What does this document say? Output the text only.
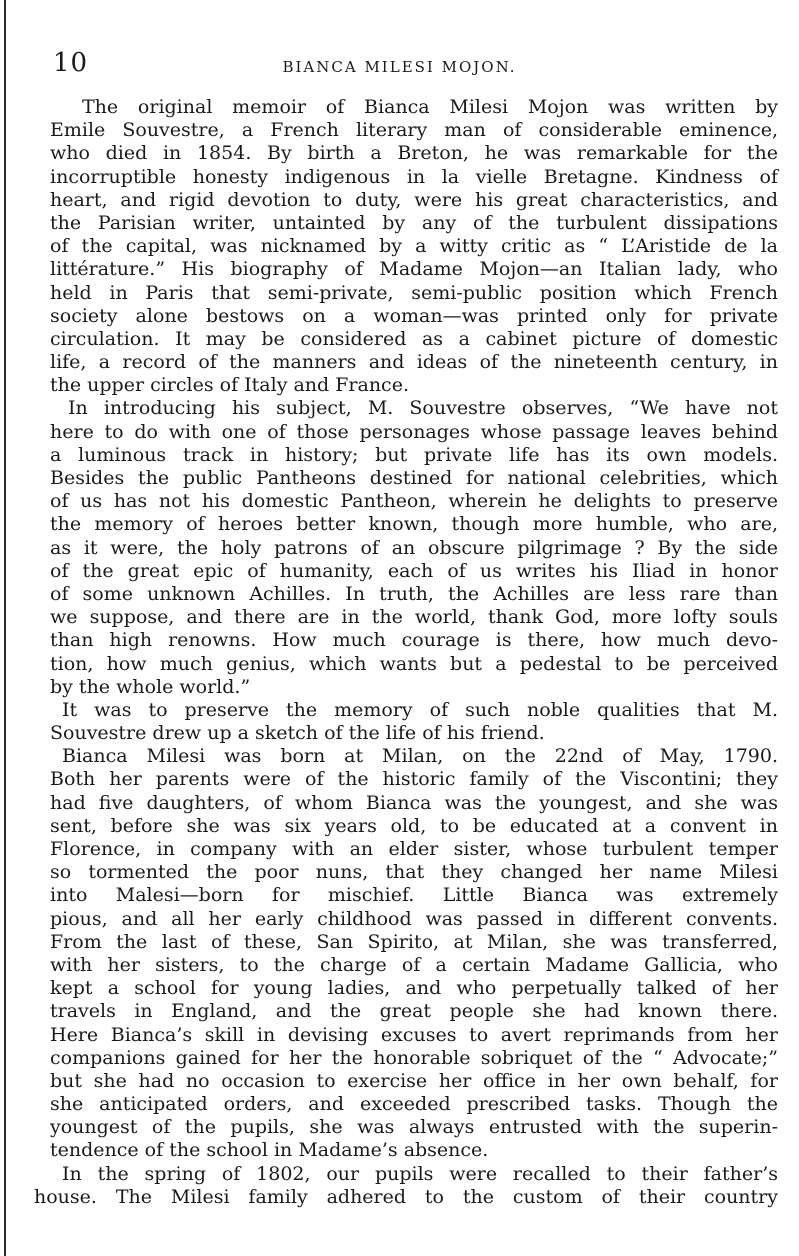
10	BIANCA MILESI MOJON.
The original memoir of Bianca Milesi Mojon was written by
Emile Souvestre, a French literary man of considerable eminence,
who died in 1854. By birth a Breton, he was remarkable for the
incorruptible honesty indigenous in la vielle Bretagne. Kindness of
heart, and rigid devotion to duty, were his great characteristics, and
the Parisian writer, untainted by any of the turbulent dissipations
of the capital, was nicknamed by a witty critic as “ L’Aristide de la
littérature.” His biography of Madame Mojon—an Italian lady, who
held in Paris that semi-private, semi-public position which French
society alone bestows on a woman—was printed only for private
circulation. It may be considered as a cabinet picture of domestic
life, a record of the manners and ideas of the nineteenth century, in
the upper circles of Italy and France.
In introducing his subject, M. Souvestre observes, “We have not
here to do with one of those personages whose passage leaves behind
a luminous track in history; but private life has its own models.
Besides the public Pantheons destined for national celebrities, which
of us has not his domestic Pantheon, wherein he delights to preserve
the memory of heroes better known, though more humble, who are,
as it were, the holy patrons of an obscure pilgrimage ? By the side
of the great epic of humanity, each of us writes his Iliad in honor
of some unknown Achilles. In truth, the Achilles are less rare than
we suppose, and there are in the world, thank God, more lofty souls
than high renowns. How much courage is there, how much devo-
tion, how much genius, which wants but a pedestal to be perceived
by the whole world.”
It was to preserve the memory of such noble qualities that M.
Souvestre drew up a sketch of the life of his friend.
Bianca Milesi was born at Milan, on the 22nd of May, 1790.
Both her parents were of the historic family of the Viscontini; they
had five daughters, of whom Bianca was the youngest, and she was
sent, before she was six years old, to be educated at a convent in
Florence, in company with an elder sister, whose turbulent temper
so tormented the poor nuns, that they changed her name Milesi
into Malesi—born for mischief. Little Bianca was extremely
pious, and all her early childhood was passed in different convents.
From the last of these, San Spirito, at Milan, she was transferred,
with her sisters, to the charge of a certain Madame Gallicia, who
kept a school for young ladies, and who perpetually talked of her
travels in England, and the great people she had known there.
Here Bianca’s skill in devising excuses to avert reprimands from her
companions gained for her the honorable sobriquet of the “ Advocate;”
but she had no occasion to exercise her office in her own behalf, for
she anticipated orders, and exceeded prescribed tasks. Though the
youngest of the pupils, she was always entrusted with the superin-
tendence of the school in Madame’s absence.
In the spring of 1802, our pupils were recalled to their father’s
house. The Milesi family adhered to the custom of their country
